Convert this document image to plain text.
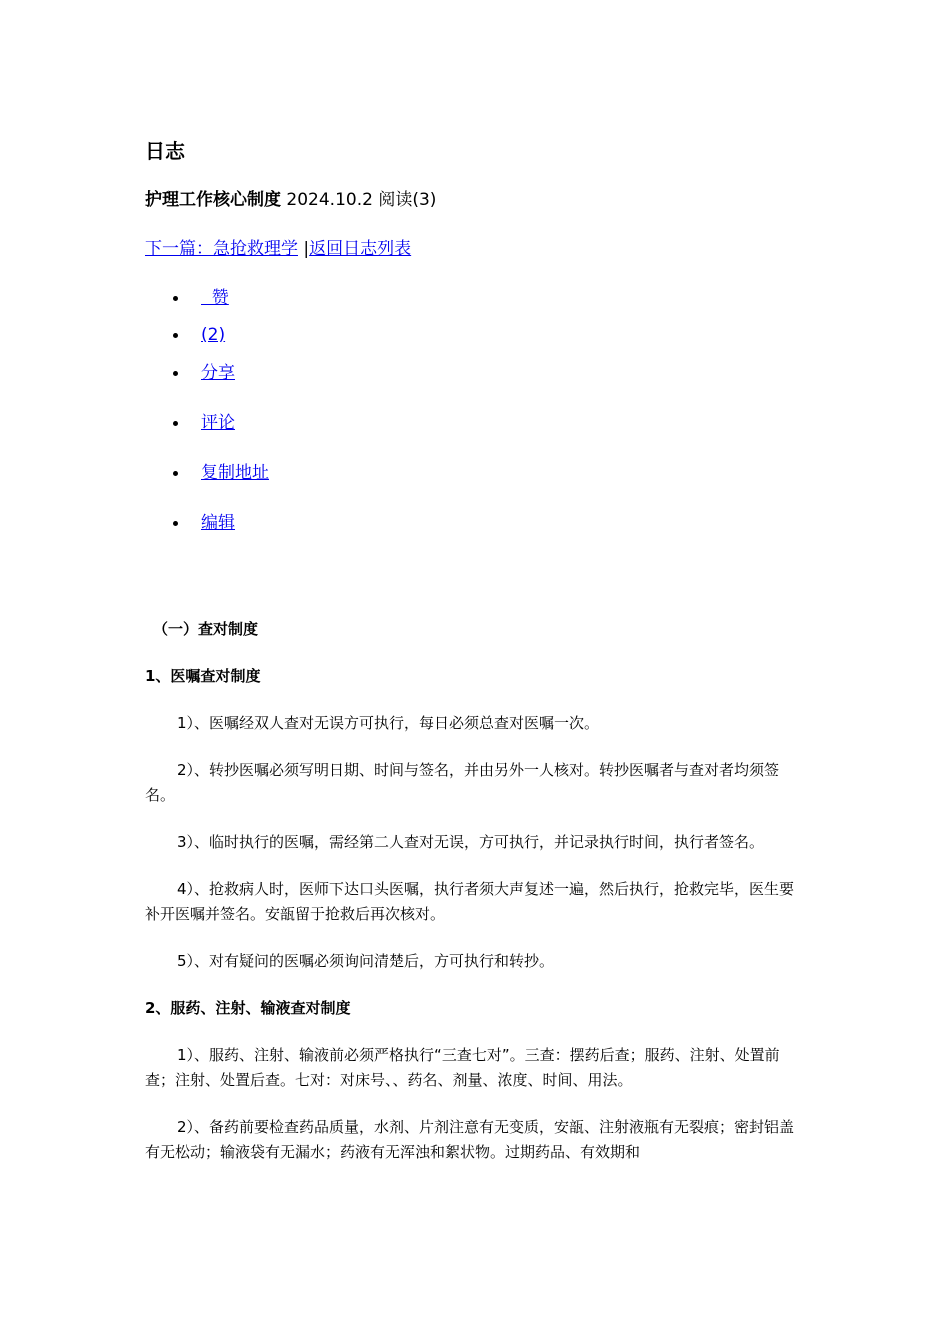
日志
护理工作核心制度 2024.10.2 阅读(3)
下一篇：急抢救理学 |返回日志列表
赞
(2)
分享
评论
复制地址
编辑

（一）查对制度

1、医嘱查对制度

1）、医嘱经双人查对无误方可执行，每日必须总查对医嘱一次。

2）、转抄医嘱必须写明日期、时间与签名，并由另外一人核对。转抄医嘱者与查对者均须签名。

3）、临时执行的医嘱，需经第二人查对无误，方可执行，并记录执行时间，执行者签名。

4）、抢救病人时，医师下达口头医嘱，执行者须大声复述一遍，然后执行，抢救完毕，医生要补开医嘱并签名。安瓿留于抢救后再次核对。

5）、对有疑问的医嘱必须询问清楚后，方可执行和转抄。

2、服药、注射、输液查对制度

1）、服药、注射、输液前必须严格执行“三查七对”。三查：摆药后查；服药、注射、处置前查；注射、处置后查。七对：对床号、、药名、剂量、浓度、时间、用法。

2）、备药前要检查药品质量，水剂、片剂注意有无变质，安瓿、注射液瓶有无裂痕；密封铝盖有无松动；输液袋有无漏水；药液有无浑浊和絮状物。过期药品、有效期和
